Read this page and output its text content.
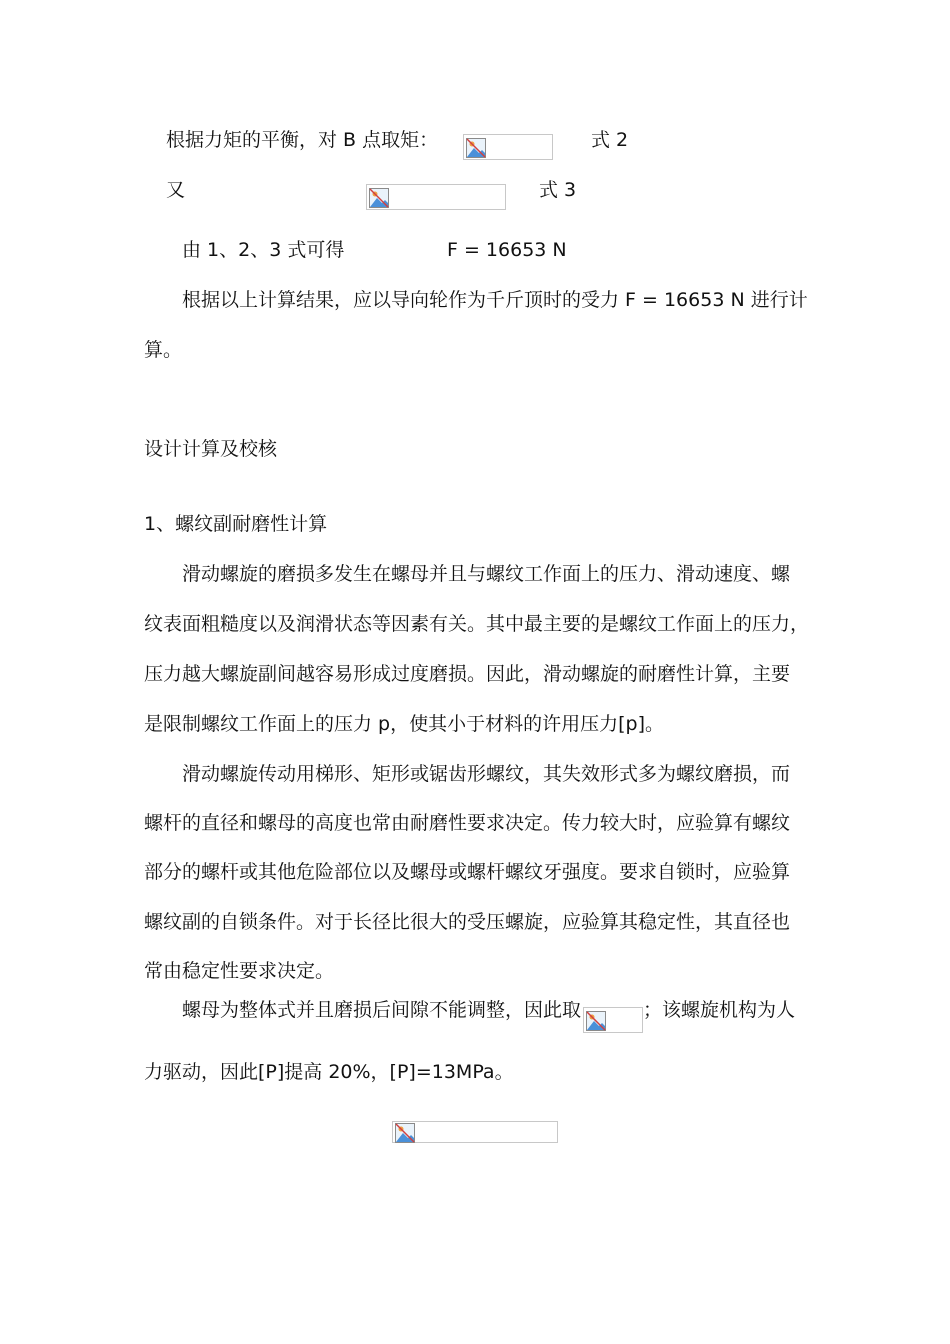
根据力矩的平衡，对 B 点取矩：	式 2
又	式 3
由 1、2、3 式可得	F = 16653 N
根据以上计算结果，应以导向轮作为千斤顶时的受力 F = 16653 N 进行计
算。
设计计算及校核
1、螺纹副耐磨性计算
滑动螺旋的磨损多发生在螺母并且与螺纹工作面上的压力、滑动速度、螺
纹表面粗糙度以及润滑状态等因素有关。其中最主要的是螺纹工作面上的压力，
压力越大螺旋副间越容易形成过度磨损。因此，滑动螺旋的耐磨性计算，主要
是限制螺纹工作面上的压力 p，使其小于材料的许用压力[p]。
滑动螺旋传动用梯形、矩形或锯齿形螺纹，其失效形式多为螺纹磨损，而
螺杆的直径和螺母的高度也常由耐磨性要求决定。传力较大时，应验算有螺纹
部分的螺杆或其他危险部位以及螺母或螺杆螺纹牙强度。要求自锁时，应验算
螺纹副的自锁条件。对于长径比很大的受压螺旋，应验算其稳定性，其直径也
常由稳定性要求决定。
螺母为整体式并且磨损后间隙不能调整，因此取	；该螺旋机构为人
力驱动，因此[P]提高 20%，[P]=13MPa。
